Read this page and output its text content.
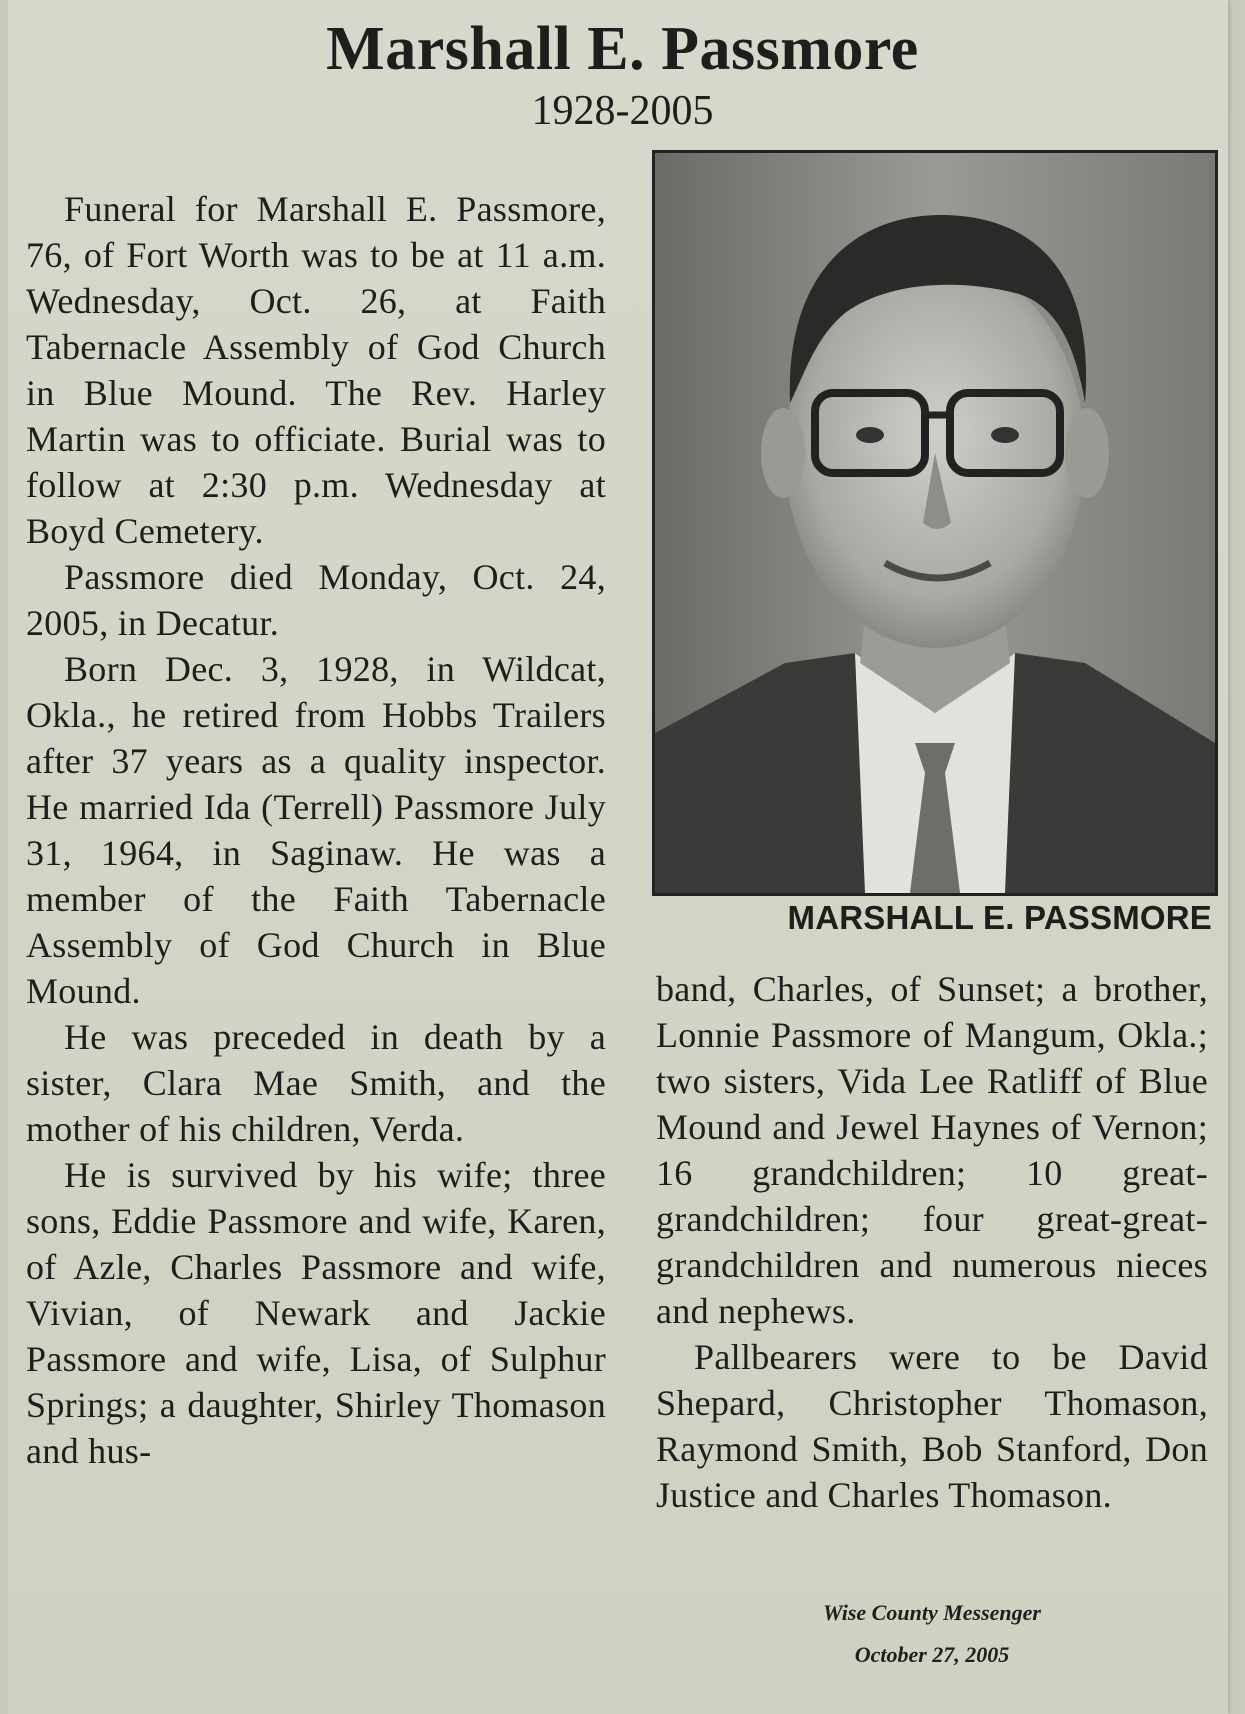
Marshall E. Passmore
1928-2005

Funeral for Marshall E. Passmore, 76, of Fort Worth was to be at 11 a.m. Wednesday, Oct. 26, at Faith Tabernacle Assembly of God Church in Blue Mound. The Rev. Harley Martin was to officiate. Burial was to follow at 2:30 p.m. Wednesday at Boyd Cemetery.

Passmore died Monday, Oct. 24, 2005, in Decatur.

Born Dec. 3, 1928, in Wildcat, Okla., he retired from Hobbs Trailers after 37 years as a quality inspector. He married Ida (Terrell) Passmore July 31, 1964, in Saginaw. He was a member of the Faith Tabernacle Assembly of God Church in Blue Mound.

He was preceded in death by a sister, Clara Mae Smith, and the mother of his children, Verda.

He is survived by his wife; three sons, Eddie Passmore and wife, Karen, of Azle, Charles Passmore and wife, Vivian, of Newark and Jackie Passmore and wife, Lisa, of Sulphur Springs; a daughter, Shirley Thomason and hus-

MARSHALL E. PASSMORE

band, Charles, of Sunset; a brother, Lonnie Passmore of Mangum, Okla.; two sisters, Vida Lee Ratliff of Blue Mound and Jewel Haynes of Vernon; 16 grandchildren; 10 great-grandchildren; four great-great-grandchildren and numerous nieces and nephews.

Pallbearers were to be David Shepard, Christopher Thomason, Raymond Smith, Bob Stanford, Don Justice and Charles Thomason.

Wise County Messenger
October 27, 2005
